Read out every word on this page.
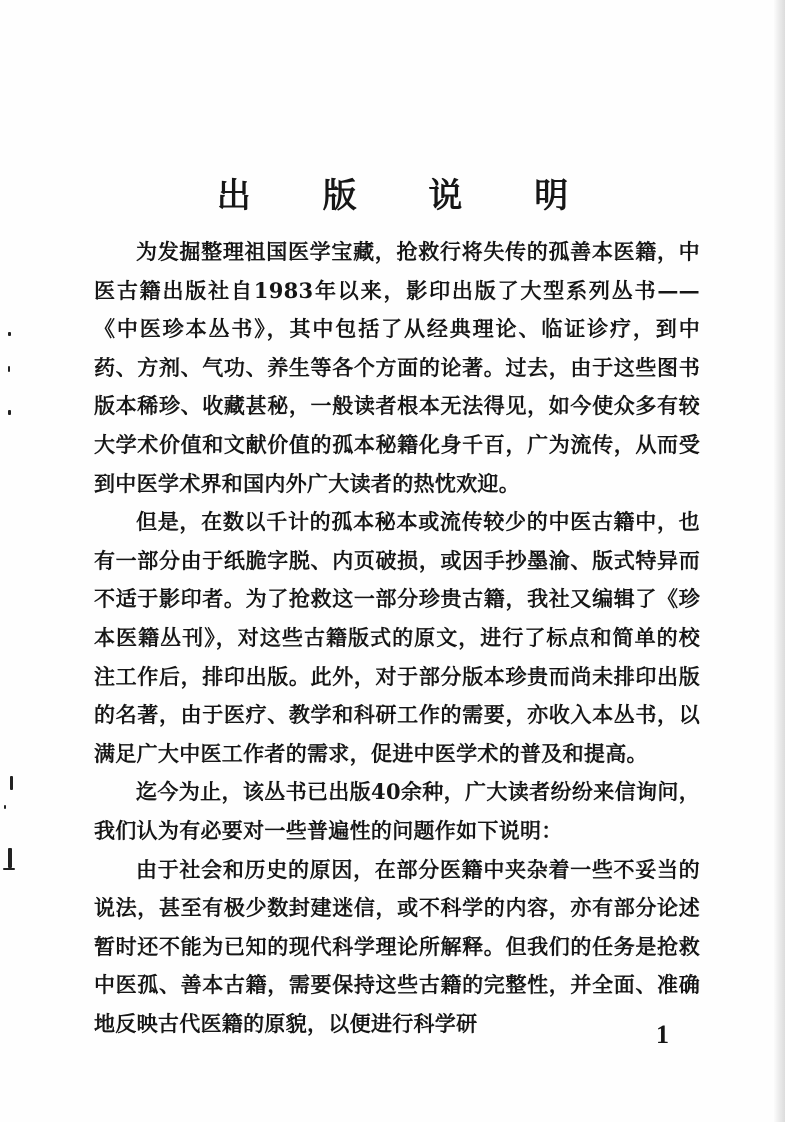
出 版 说 明

为发掘整理祖国医学宝藏，抢救行将失传的孤善本医籍，中医古籍出版社自1983年以来，影印出版了大型系列丛书——《中医珍本丛书》，其中包括了从经典理论、临证诊疗，到中药、方剂、气功、养生等各个方面的论著。过去，由于这些图书版本稀珍、收藏甚秘，一般读者根本无法得见，如今使众多有较大学术价值和文献价值的孤本秘籍化身千百，广为流传，从而受到中医学术界和国内外广大读者的热忱欢迎。

但是，在数以千计的孤本秘本或流传较少的中医古籍中，也有一部分由于纸脆字脱、内页破损，或因手抄墨渝、版式特异而不适于影印者。为了抢救这一部分珍贵古籍，我社又编辑了《珍本医籍丛刊》，对这些古籍版式的原文，进行了标点和简单的校注工作后，排印出版。此外，对于部分版本珍贵而尚未排印出版的名著，由于医疗、教学和科研工作的需要，亦收入本丛书，以满足广大中医工作者的需求，促进中医学术的普及和提高。

迄今为止，该丛书已出版40余种，广大读者纷纷来信询问，我们认为有必要对一些普遍性的问题作如下说明：

由于社会和历史的原因，在部分医籍中夹杂着一些不妥当的说法，甚至有极少数封建迷信，或不科学的内容，亦有部分论述暂时还不能为已知的现代科学理论所解释。但我们的任务是抢救中医孤、善本古籍，需要保持这些古籍的完整性，并全面、准确地反映古代医籍的原貌，以便进行科学研	1
